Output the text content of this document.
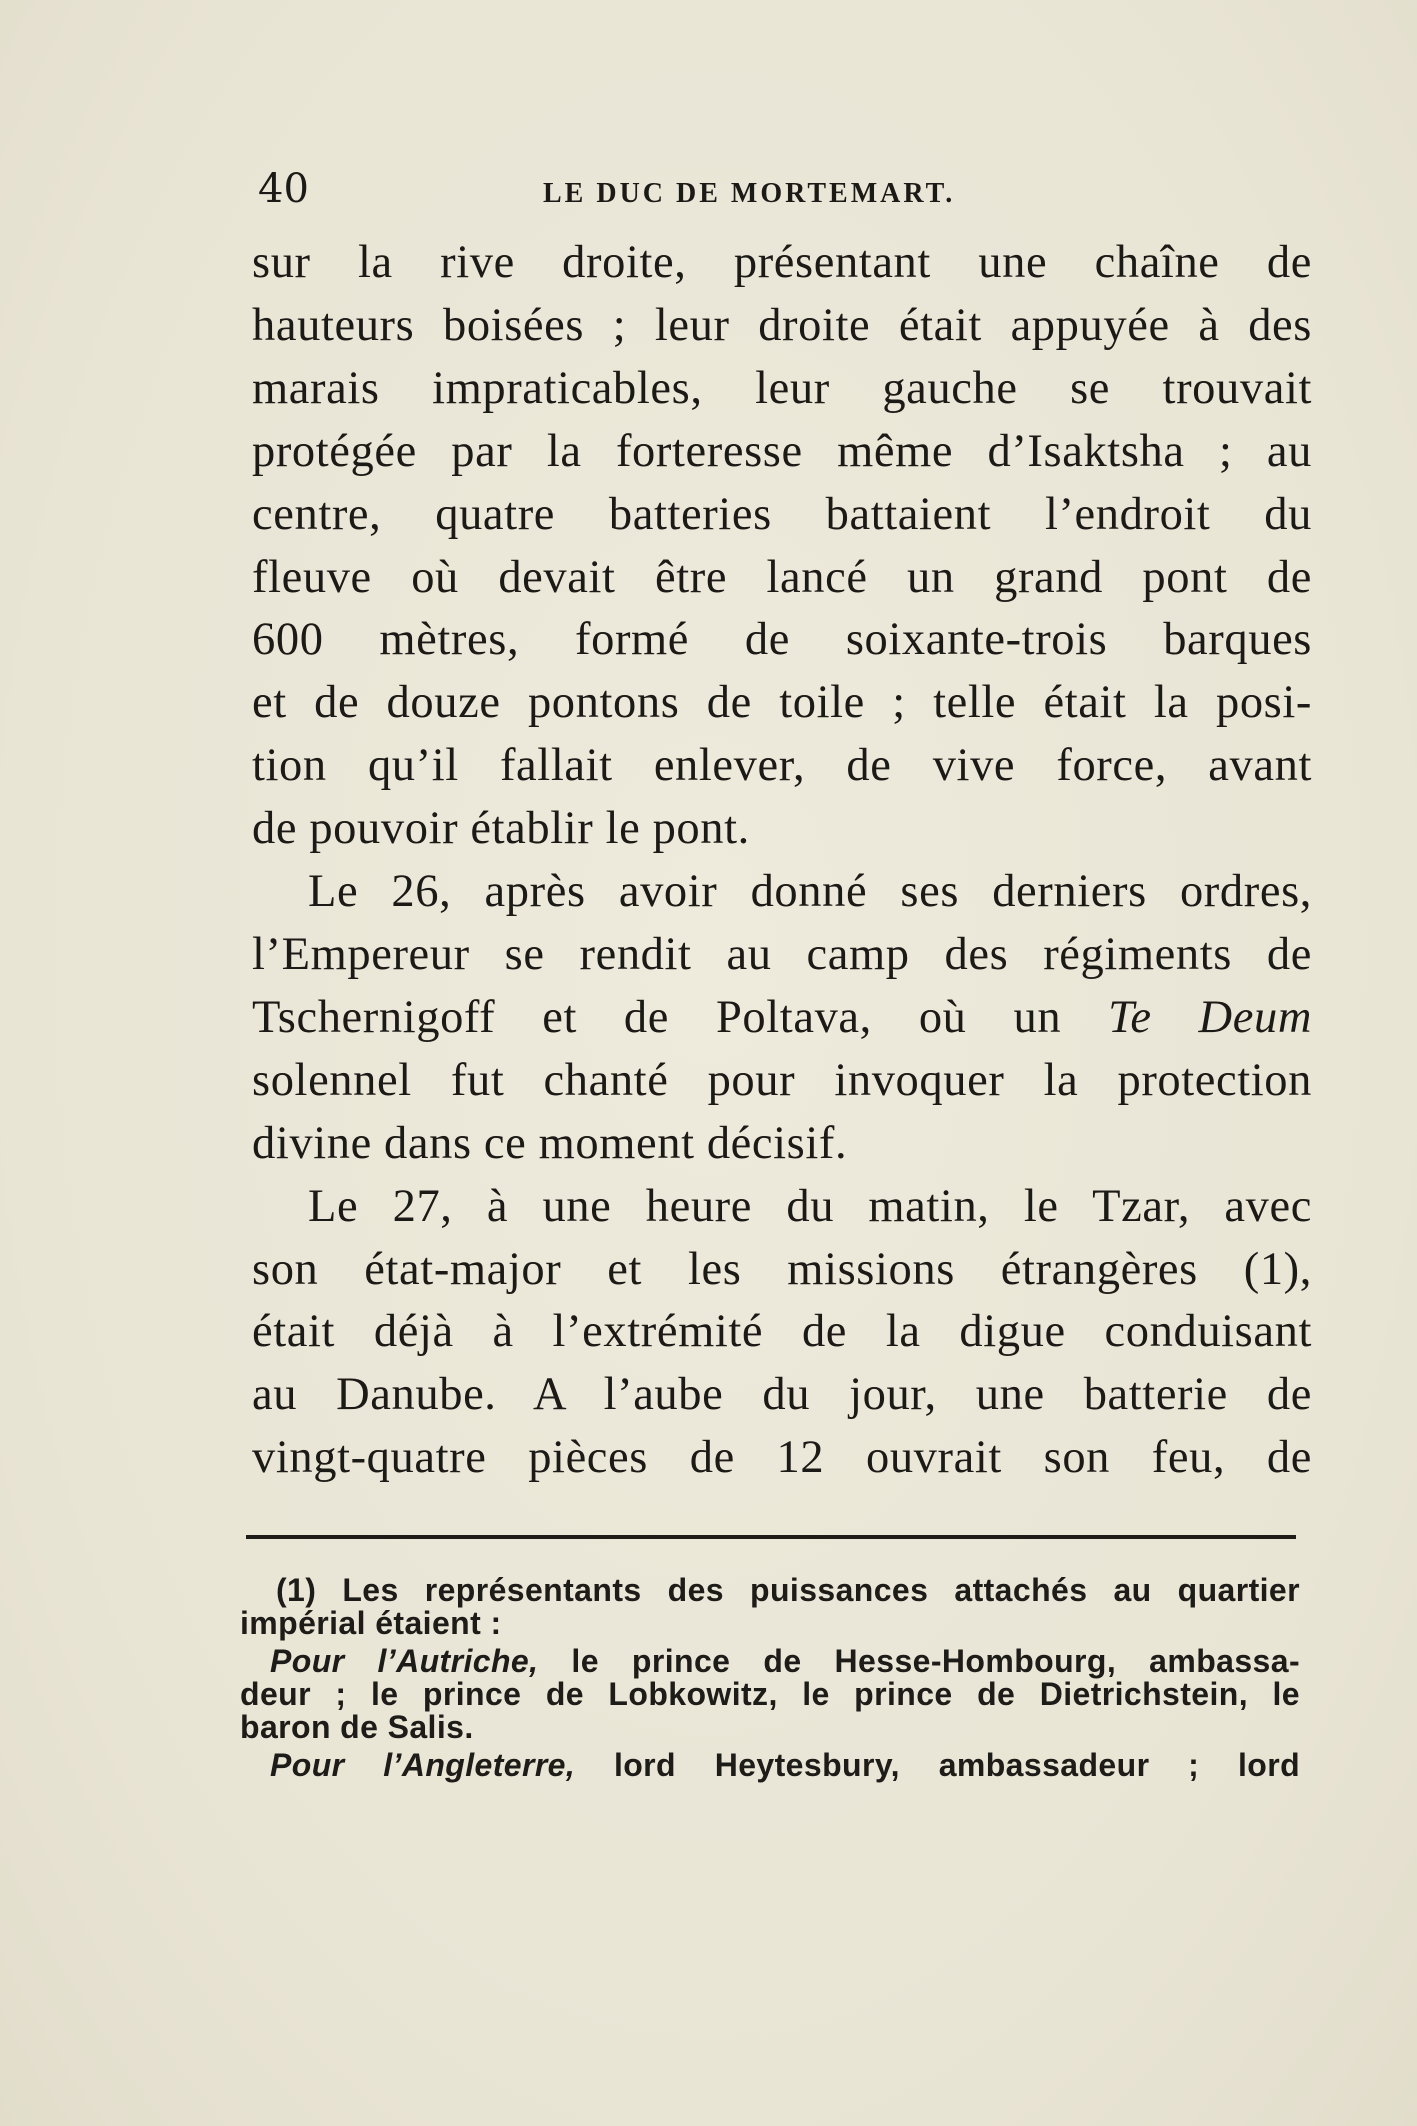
40	LE DUC DE MORTEMART.

sur la rive droite, présentant une chaîne de
hauteurs boisées ; leur droite était appuyée à des
marais impraticables, leur gauche se trouvait
protégée par la forteresse même d’Isaktsha ; au
centre, quatre batteries battaient l’endroit du
fleuve où devait être lancé un grand pont de
600 mètres, formé de soixante-trois barques
et de douze pontons de toile ; telle était la posi-
tion qu’il fallait enlever, de vive force, avant
de pouvoir établir le pont.

Le 26, après avoir donné ses derniers ordres,
l’Empereur se rendit au camp des régiments de
Tschernigoff et de Poltava, où un Te Deum
solennel fut chanté pour invoquer la protection
divine dans ce moment décisif.

Le 27, à une heure du matin, le Tzar, avec
son état-major et les missions étrangères (1),
était déjà à l’extrémité de la digue conduisant
au Danube. A l’aube du jour, une batterie de
vingt-quatre pièces de 12 ouvrait son feu, de

(1) Les représentants des puissances attachés au quartier
impérial étaient :

Pour l’Autriche, le prince de Hesse-Hombourg, ambassa-
deur ; le prince de Lobkowitz, le prince de Dietrichstein, le
baron de Salis.

Pour l’Angleterre, lord Heytesbury, ambassadeur ; lord
